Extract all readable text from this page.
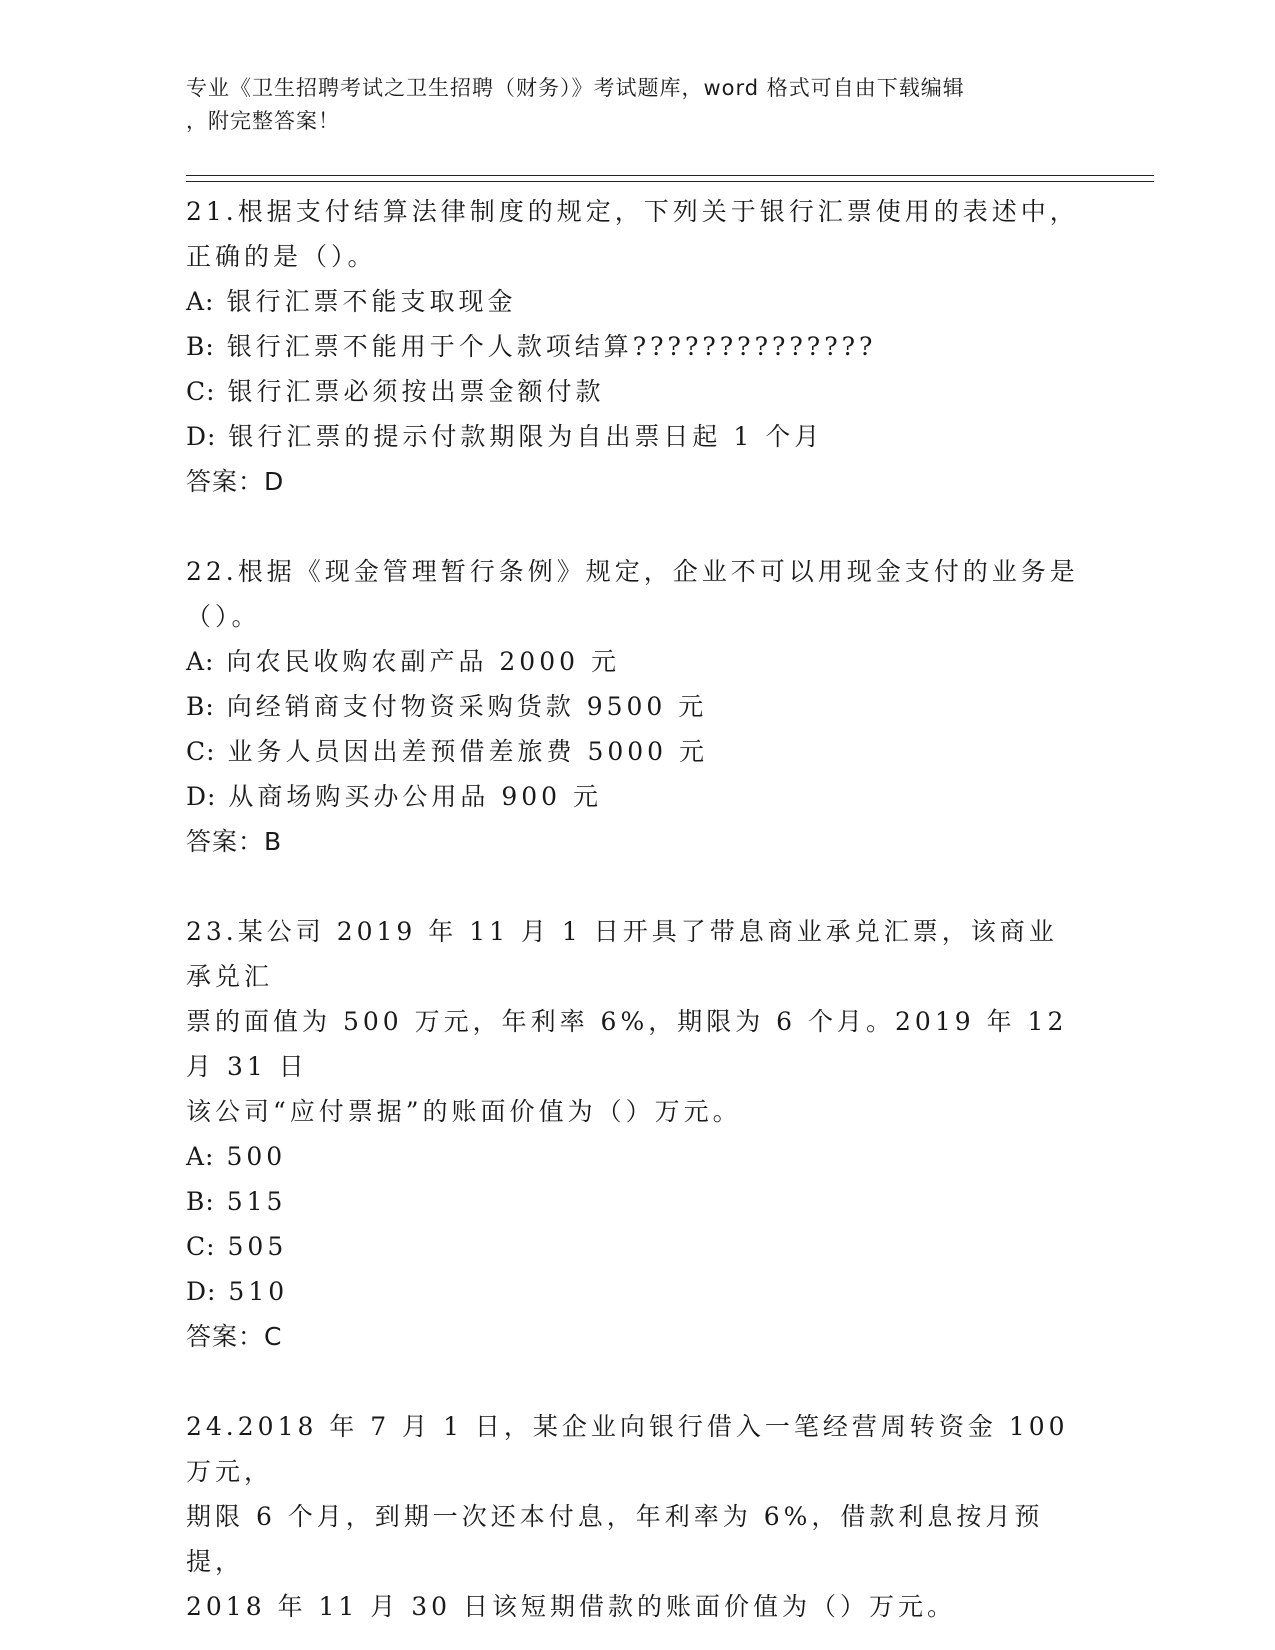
专业《卫生招聘考试之卫生招聘（财务）》考试题库，word 格式可自由下载编辑
，附完整答案！

21.根据支付结算法律制度的规定，下列关于银行汇票使用的表述中，

正确的是（）。

A: 银行汇票不能支取现金

B: 银行汇票不能用于个人款项结算??????????????

C: 银行汇票必须按出票金额付款

D: 银行汇票的提示付款期限为自出票日起 1 个月

答案：D

22.根据《现金管理暂行条例》规定，企业不可以用现金支付的业务是

（）。

A: 向农民收购农副产品 2000 元

B: 向经销商支付物资采购货款 9500 元

C: 业务人员因出差预借差旅费 5000 元

D: 从商场购买办公用品 900 元

答案：B

23.某公司 2019 年 11 月 1 日开具了带息商业承兑汇票，该商业承兑汇

票的面值为 500 万元，年利率 6%，期限为 6 个月。2019 年 12 月 31 日

该公司“应付票据”的账面价值为（）万元。

A: 500

B: 515

C: 505

D: 510

答案：C

24.2018 年 7 月 1 日，某企业向银行借入一笔经营周转资金 100 万元，

期限 6 个月，到期一次还本付息，年利率为 6%，借款利息按月预提，

2018 年 11 月 30 日该短期借款的账面价值为（）万元。
